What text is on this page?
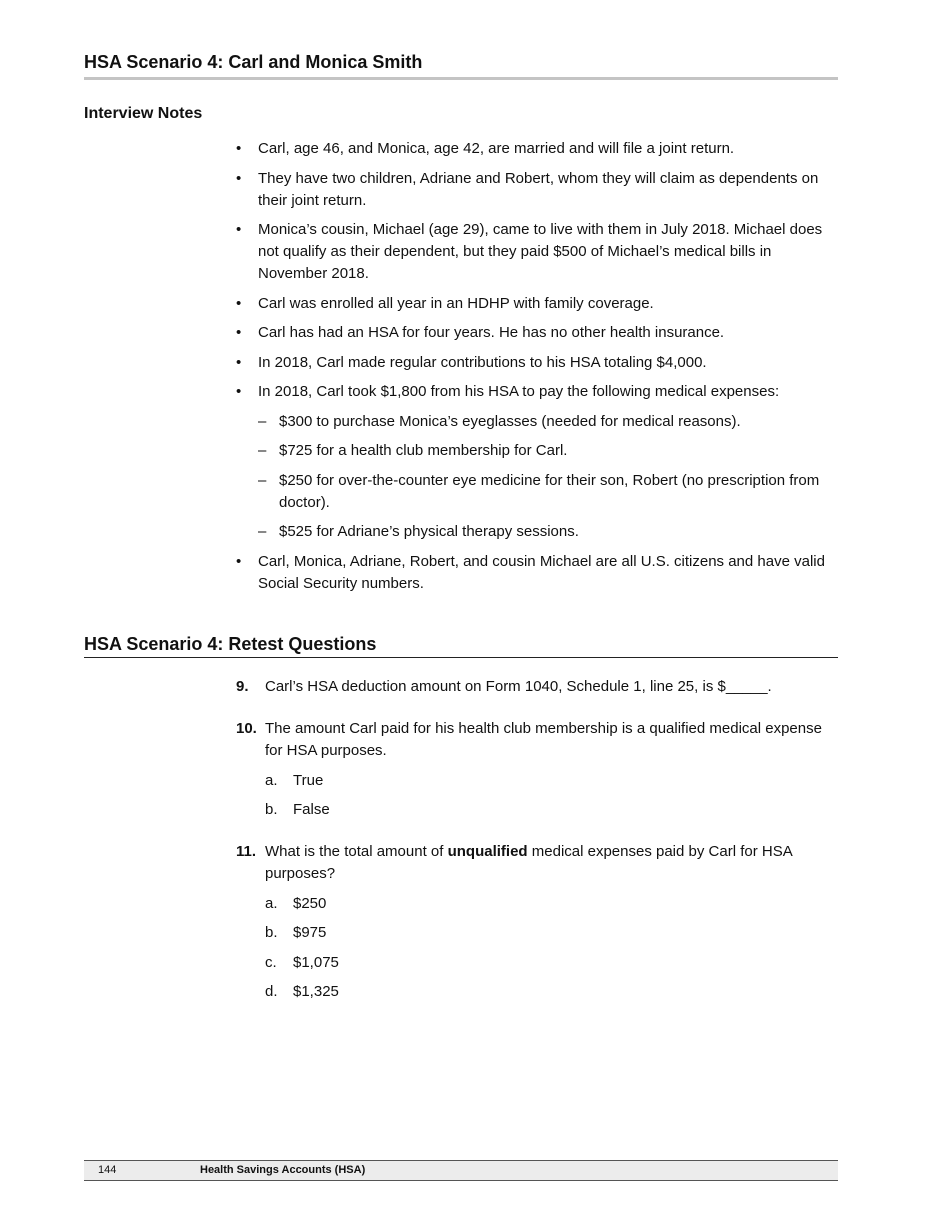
HSA Scenario 4: Carl and Monica Smith
Interview Notes
•	Carl, age 46, and Monica, age 42, are married and will file a joint return.
•	They have two children, Adriane and Robert, whom they will claim as dependents on their joint return.
•	Monica’s cousin, Michael (age 29), came to live with them in July 2018. Michael does not qualify as their dependent, but they paid $500 of Michael’s medical bills in November 2018.
•	Carl was enrolled all year in an HDHP with family coverage.
•	Carl has had an HSA for four years. He has no other health insurance.
•	In 2018, Carl made regular contributions to his HSA totaling $4,000.
•	In 2018, Carl took $1,800 from his HSA to pay the following medical expenses:
– $300 to purchase Monica’s eyeglasses (needed for medical reasons).
– $725 for a health club membership for Carl.
– $250 for over-the-counter eye medicine for their son, Robert (no prescription from doctor).
– $525 for Adriane’s physical therapy sessions.
•	Carl, Monica, Adriane, Robert, and cousin Michael are all U.S. citizens and have valid Social Security numbers.
HSA Scenario 4: Retest Questions
9. Carl’s HSA deduction amount on Form 1040, Schedule 1, line 25, is $_____.
10. The amount Carl paid for his health club membership is a qualified medical expense for HSA purposes.
a. True
b. False
11. What is the total amount of unqualified medical expenses paid by Carl for HSA purposes?
a. $250
b. $975
c. $1,075
d. $1,325
144	Health Savings Accounts (HSA)
